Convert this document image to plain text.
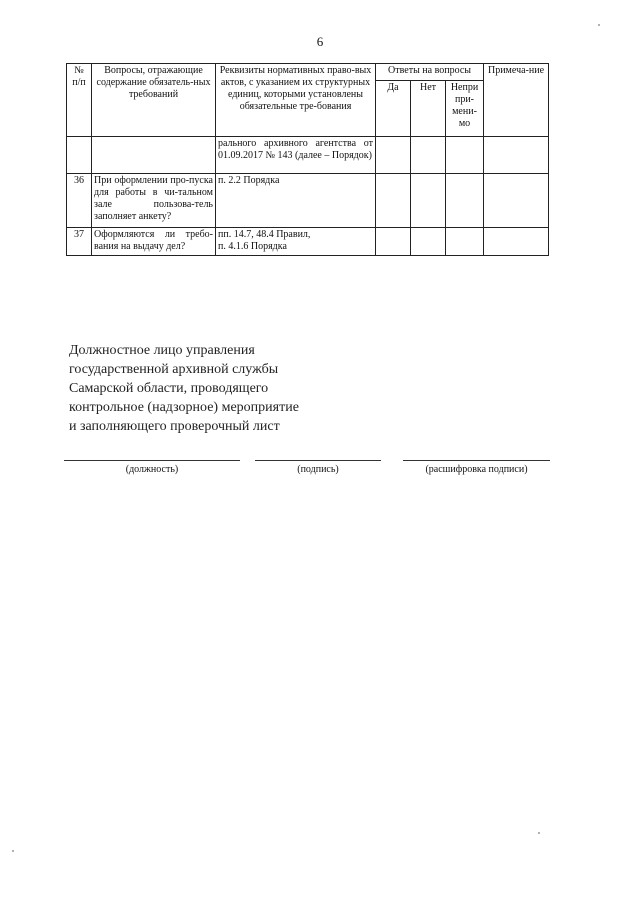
6
№ п/п	Вопросы, отражающие содержание обязатель-ных требований	Реквизиты нормативных право-вых актов, с указанием их структурных единиц, которыми установлены обязательные тре-бования	Ответы на вопросы			Примеча-ние
			Да	Нет	Непри при-мени-мо	
		рального архивного агентства от 01.09.2017 № 143 (далее – Порядок)				
36	При оформлении про-пуска для работы в чи-тальном зале пользова-тель заполняет анкету?	п. 2.2 Порядка				
37	Оформляются ли требо-вания на выдачу дел?	пп. 14.7, 48.4 Правил,
п. 4.1.6 Порядка				

Должностное лицо управления
государственной архивной службы
Самарской области, проводящего
контрольное (надзорное) мероприятие
и заполняющего проверочный лист
(должность)	(подпись)	(расшифровка подписи)
